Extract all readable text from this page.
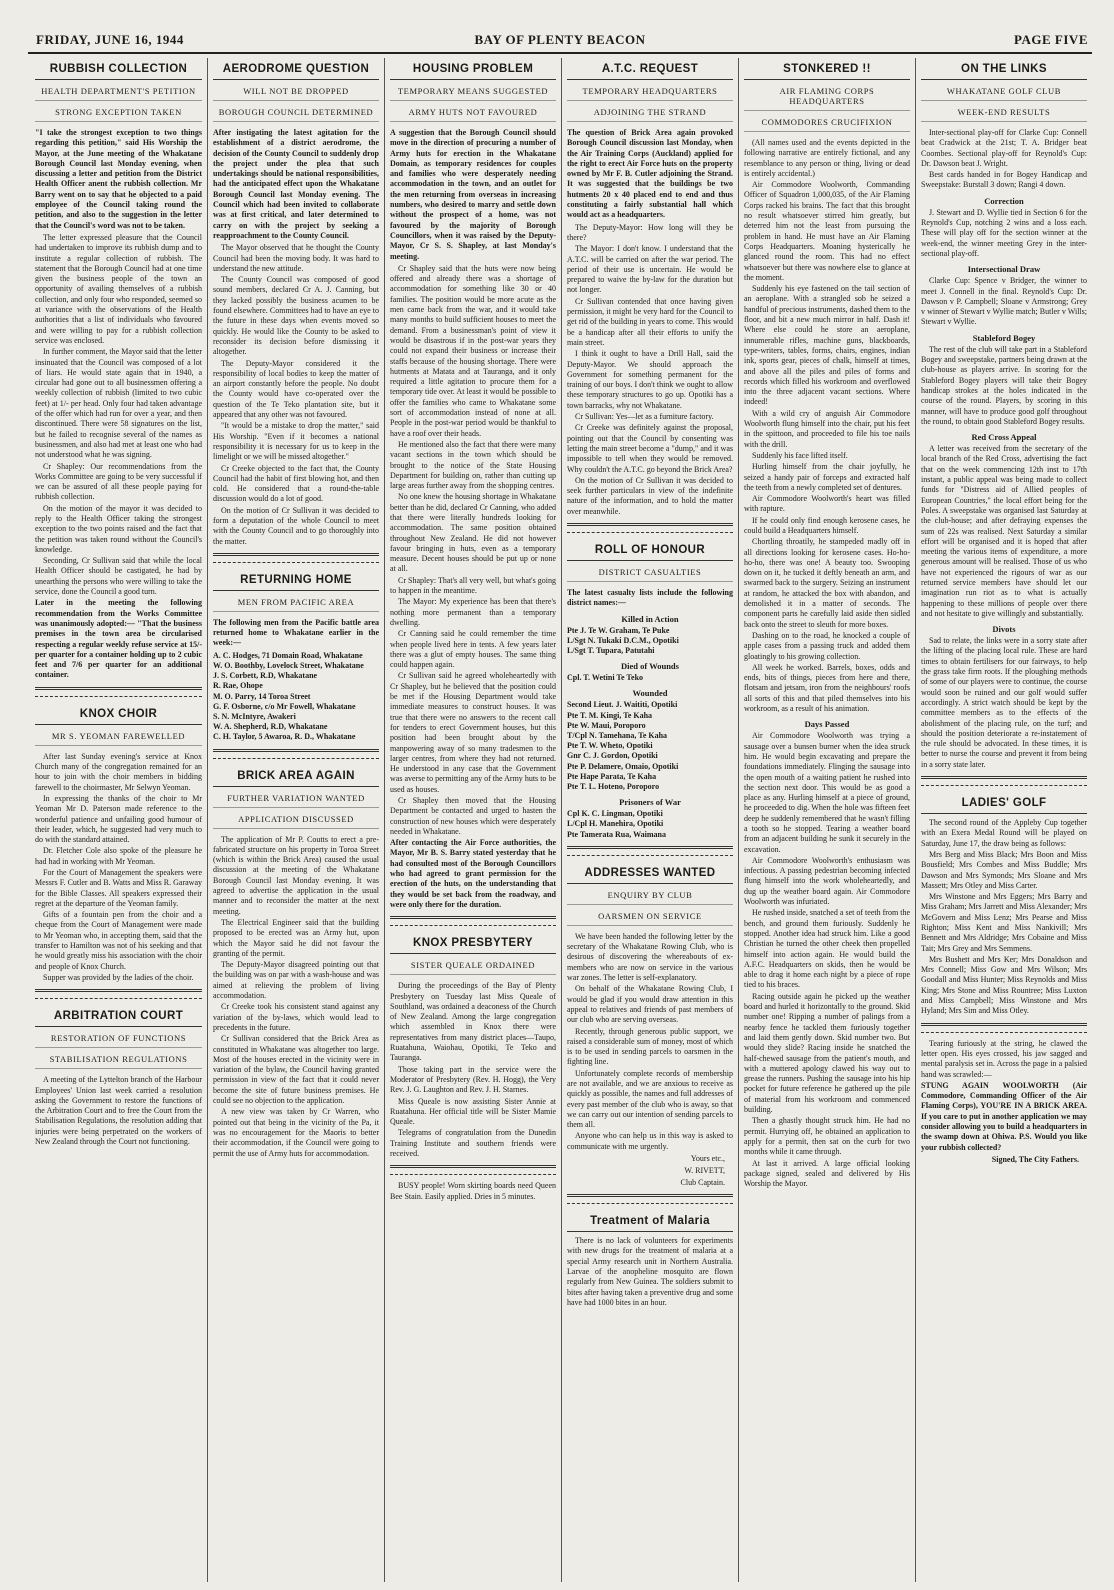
FRIDAY, JUNE 16, 1944	BAY OF PLENTY BEACON	PAGE FIVE
RUBBISH COLLECTION
HEALTH DEPARTMENT'S PETITION
STRONG EXCEPTION TAKEN

"I take the strongest exception to two things regarding this petition," said His Worship the Mayor, at the June meeting of the Whakatane Borough Council last Monday evening, when discussing a letter and petition from the District Health Officer anent the rubbish collection. Mr Barry went on to say that he objected to a paid employee of the Council taking round the petition, and also to the suggestion in the letter that the Council's word was not to be taken.

The letter expressed pleasure that the Council had undertaken to improve its rubbish dump and to institute a regular collection of rubbish. The statement that the Borough Council had at one time given the business people of the town an opportunity of availing themselves of a rubbish collection, and only four who responded, seemed so at variance with the observations of the Health authorities that a list of individuals who favoured and were willing to pay for a rubbish collection service was enclosed.

In further comment, the Mayor said that the letter insinuated that the Council was composed of a lot of liars. He would state again that in 1940, a circular had gone out to all businessmen offering a weekly collection of rubbish (limited to two cubic feet) at 1/- per head. Only four had taken advantage of the offer which had run for over a year, and then discontinued. There were 58 signatures on the list, but he failed to recognise several of the names as businessmen, and also had met at least one who had not understood what he was signing.

Cr Shapley: Our recommendations from the Works Committee are going to be very successful if we can be assured of all these people paying for rubbish collection.

On the motion of the mayor it was decided to reply to the Health Officer taking the strongest exception to the two points raised and the fact that the petition was taken round without the Council's knowledge.

Seconding, Cr Sullivan said that while the local Health Officer should be castigated, he had by unearthing the persons who were willing to take the service, done the Council a good turn.

Later in the meeting the following recommendation from the Works Committee was unanimously adopted:— "That the business premises in the town area be circularised respecting a regular weekly refuse service at 15/- per quarter for a container holding up to 2 cubic feet and 7/6 per quarter for an additional container.

KNOX CHOIR
MR S. YEOMAN FAREWELLED

After last Sunday evening's service at Knox Church many of the congregation remained for an hour to join with the choir members in bidding farewell to the choirmaster, Mr Selwyn Yeoman.

In expressing the thanks of the choir to Mr Yeoman Mr D. Paterson made reference to the wonderful patience and unfailing good humour of their leader, which, he suggested had very much to do with the standard attained.

Dr. Fletcher Cole also spoke of the pleasure he had had in working with Mr Yeoman.

For the Court of Management the speakers were Messrs F. Cutler and B. Watts and Miss R. Garaway for the Bible Classes. All speakers expressed their regret at the departure of the Yeoman family.

Gifts of a fountain pen from the choir and a cheque from the Court of Management were made to Mr Yeoman who, in accepting them, said that the transfer to Hamilton was not of his seeking and that he would greatly miss his association with the choir and people of Knox Church.

Supper was provided by the ladies of the choir.

ARBITRATION COURT
RESTORATION OF FUNCTIONS
STABILISATION REGULATIONS

A meeting of the Lyttelton branch of the Harbour Employees' Union last week carried a resolution asking the Government to restore the functions of the Arbitration Court and to free the Court from the Stabilisation Regulations, the resolution adding that injuries were being perpetrated on the workers of New Zealand through the Court not functioning.

AERODROME QUESTION
WILL NOT BE DROPPED
BOROUGH COUNCIL DETERMINED

After instigating the latest agitation for the establishment of a district aerodrome, the decision of the County Council to suddenly drop the project under the plea that such undertakings should be national responsibilities, had the anticipated effect upon the Whakatane Borough Council last Monday evening. The Council which had been invited to collaborate was at first critical, and later determined to carry on with the project by seeking a reapproachment to the County Council.

The Mayor observed that he thought the County Council had been the moving body. It was hard to understand the new attitude.

The County Council was composed of good sound members, declared Cr A. J. Canning, but they lacked possibly the business acumen to be found elsewhere. Committees had to have an eye to the future in these days when events moved so quickly. He would like the County to be asked to reconsider its decision before dismissing it altogether.

The Deputy-Mayor considered it the responsibility of local bodies to keep the matter of an airport constantly before the people. No doubt the County would have co-operated over the question of the Te Teko plantation site, but it appeared that any other was not favoured.

"It would be a mistake to drop the matter," said His Worship. "Even if it becomes a national responsibility it is necessary for us to keep in the limelight or we will be missed altogether."

Cr Creeke objected to the fact that, the County Council had the habit of first blowing hot, and then cold. He considered that a round-the-table discussion would do a lot of good.

On the motion of Cr Sullivan it was decided to form a deputation of the whole Council to meet with the County Council and to go thoroughly into the matter.

RETURNING HOME
MEN FROM PACIFIC AREA

The following men from the Pacific battle area returned home to Whakatane earlier in the week:—

A. C. Hodges, 71 Domain Road, Whakatane

W. O. Boothby, Lovelock Street, Whakatane

J. S. Corbett, R.D, Whakatane

R. Rae, Ohope

M. O. Parry, 14 Toroa Street

G. F. Osborne, c/o Mr Fowell, Whakatane

S. N. McIntyre, Awakeri

W. A. Shepherd, R.D, Whakatane

C. H. Taylor, 5 Awaroa, R. D., Whakatane

BRICK AREA AGAIN
FURTHER VARIATION WANTED
APPLICATION DISCUSSED

The application of Mr P. Coutts to erect a pre-fabricated structure on his property in Toroa Street (which is within the Brick Area) caused the usual discussion at the meeting of the Whakatane Borough Council last Monday evening. It was agreed to advertise the application in the usual manner and to reconsider the matter at the next meeting.

The Electrical Engineer said that the building proposed to be erected was an Army hut, upon which the Mayor said he did not favour the granting of the permit.

The Deputy-Mayor disagreed pointing out that the building was on par with a wash-house and was aimed at relieving the problem of living accommodation.

Cr Creeke took his consistent stand against any variation of the by-laws, which would lead to precedents in the future.

Cr Sullivan considered that the Brick Area as constituted in Whakatane was altogether too large. Most of the houses erected in the vicinity were in variation of the bylaw, the Council having granted permission in view of the fact that it could never become the site of future business premises. He could see no objection to the application.

A new view was taken by Cr Warren, who pointed out that being in the vicinity of the Pa, it was no encouragement for the Maoris to better their accommodation, if the Council were going to permit the use of Army huts for accommodation.

HOUSING PROBLEM
TEMPORARY MEANS SUGGESTED
ARMY HUTS NOT FAVOURED

A suggestion that the Borough Council should move in the direction of procuring a number of Army huts for erection in the Whakatane Domain, as temporary residences for couples and families who were desperately needing accommodation in the town, and an outlet for the men returning from overseas in increasing numbers, who desired to marry and settle down without the prospect of a home, was not favoured by the majority of Borough Councillors, when it was raised by the Deputy-Mayor, Cr S. S. Shapley, at last Monday's meeting.

Cr Shapley said that the huts were now being offered and already there was a shortage of accommodation for something like 30 or 40 families. The position would be more acute as the men came back from the war, and it would take many months to build sufficient houses to meet the demand. From a businessman's point of view it would be disastrous if in the post-war years they could not expand their business or increase their staffs because of the housing shortage. There were hutments at Matata and at Tauranga, and it only required a little agitation to procure them for a temporary tide over. At least it would be possible to offer the families who came to Whakatane some sort of accommodation instead of none at all. People in the post-war period would be thankful to have a roof over their heads.

He mentioned also the fact that there were many vacant sections in the town which should be brought to the notice of the State Housing Department for building on, rather than cutting up large areas further away from the shopping centres.

No one knew the housing shortage in Whakatane better than he did, declared Cr Canning, who added that there were literally hundreds looking for accommodation. The same position obtained throughout New Zealand. He did not however favour bringing in huts, even as a temporary measure. Decent houses should be put up or none at all.

Cr Shapley: That's all very well, but what's going to happen in the meantime.

The Mayor: My experience has been that there's nothing more permanent than a temporary dwelling.

Cr Canning said he could remember the time when people lived here in tents. A few years later there was a glut of empty houses. The same thing could happen again.

Cr Sullivan said he agreed wholeheartedly with Cr Shapley, but he believed that the position could be met if the Housing Department would take immediate measures to construct houses. It was true that there were no answers to the recent call for tenders to erect Government houses, but this position had been brought about by the manpowering away of so many tradesmen to the larger centres, from where they had not returned. He understood in any case that the Government was averse to permitting any of the Army huts to be used as houses.

Cr Shapley then moved that the Housing Department be contacted and urged to hasten the construction of new houses which were desperately needed in Whakatane.

After contacting the Air Force authorities, the Mayor, Mr B. S. Barry stated yesterday that he had consulted most of the Borough Councillors who had agreed to grant permission for the erection of the huts, on the understanding that they would be set back from the roadway, and were only there for the duration.

KNOX PRESBYTERY
SISTER QUEALE ORDAINED

During the proceedings of the Bay of Plenty Presbytery on Tuesday last Miss Queale of Southland, was ordained a deaconess of the Church of New Zealand. Among the large congregation which assembled in Knox there were representatives from many district places—Taupo, Ruatahuna, Waiohau, Opotiki, Te Teko and Tauranga.

Those taking part in the service were the Moderator of Presbytery (Rev. H. Hogg), the Very Rev. J. G. Laughton and Rev. J. H. Starnes.

Miss Queale is now assisting Sister Annie at Ruatahuna. Her official title will be Sister Mamie Queale.

Telegrams of congratulation from the Dunedin Training Institute and southern friends were received.

BUSY people! Worn skirting boards need Queen Bee Stain. Easily applied. Dries in 5 minutes.

A.T.C. REQUEST
TEMPORARY HEADQUARTERS
ADJOINING THE STRAND

The question of Brick Area again provoked Borough Council discussion last Monday, when the Air Training Corps (Auckland) applied for the right to erect Air Force huts on the property owned by Mr F. B. Cutler adjoining the Strand. It was suggested that the buildings be two hutments 20 x 40 placed end to end and thus constituting a fairly substantial hall which would act as a headquarters.

The Deputy-Mayor: How long will they be there?

The Mayor: I don't know. I understand that the A.T.C. will be carried on after the war period. The period of their use is uncertain. He would be prepared to waive the by-law for the duration but not longer.

Cr Sullivan contended that once having given permission, it might be very hard for the Council to get rid of the building in years to come. This would be a handicap after all their efforts to unify the main street.

I think it ought to have a Drill Hall, said the Deputy-Mayor. We should approach the Government for something permanent for the training of our boys. I don't think we ought to allow these temporary structures to go up. Opotiki has a town barracks, why not Whakatane.

Cr Sullivan: Yes—let as a furniture factory.

Cr Creeke was definitely against the proposal, pointing out that the Council by consenting was letting the main street become a "dump," and it was impossible to tell when they would be removed. Why couldn't the A.T.C. go beyond the Brick Area?

On the motion of Cr Sullivan it was decided to seek further particulars in view of the indefinite nature of the information, and to hold the matter over meanwhile.

ROLL OF HONOUR
DISTRICT CASUALTIES

The latest casualty lists include the following district names:—

Killed in Action

Pte J. Te W. Graham, Te Puke

L/Sgt N. Tukaki D.C.M., Opotiki

L/Sgt T. Tupara, Patutahi

Died of Wounds

Cpl. T. Wetini Te Teko

Wounded

Second Lieut. J. Waititi, Opotiki

Pte T. M. Kingi, Te Kaha

Pte W. Maui, Poroporo

T/Cpl N. Tamehana, Te Kaha

Pte T. W. Wheto, Opotiki

Gnr C. J. Gordon, Opotiki

Pte P. Delamere, Omaio, Opotiki

Pte Hape Parata, Te Kaha

Pte T. L. Hoteno, Poroporo

Prisoners of War

Cpl K. C. Lingman, Opotiki

L/Cpl H. Manehira, Opotiki

Pte Tamerata Rua, Waimana

ADDRESSES WANTED
ENQUIRY BY CLUB
OARSMEN ON SERVICE

We have been handed the following letter by the secretary of the Whakatane Rowing Club, who is desirous of discovering the whereabouts of ex-members who are now on service in the various war zones. The letter is self-explanatory.

On behalf of the Whakatane Rowing Club, I would be glad if you would draw attention in this appeal to relatives and friends of past members of our club who are serving overseas.

Recently, through generous public support, we raised a considerable sum of money, most of which is to be used in sending parcels to oarsmen in the fighting line.

Unfortunately complete records of membership are not available, and we are anxious to receive as quickly as possible, the names and full addresses of every past member of the club who is away, so that we can carry out our intention of sending parcels to them all.

Anyone who can help us in this way is asked to communicate with me urgently.

Yours etc.,

W. RIVETT,

Club Captain.

Treatment of Malaria

There is no lack of volunteers for experiments with new drugs for the treatment of malaria at a special Army research unit in Northern Australia. Larvae of the anopheline mosquito are flown regularly from New Guinea. The soldiers submit to bites after having taken a preventive drug and some have had 1000 bites in an hour.

STONKERED !!
AIR FLAMING CORPS HEADQUARTERS
COMMODORES CRUCIFIXION

(All names used and the events depicted in the following narrative are entirely fictional, and any resemblance to any person or thing, living or dead is entirely accidental.)

Air Commodore Woolworth, Commanding Officer of Squadron 1,000,035, of the Air Flaming Corps racked his brains. The fact that this brought no result whatsoever stirred him greatly, but deterred him not the least from pursuing the problem in hand. He must have an Air Flaming Corps Headquarters. Moaning hysterically he glanced round the room. This had no effect whatsoever but there was nowhere else to glance at the moment.

Suddenly his eye fastened on the tail section of an aeroplane. With a strangled sob he seized a handful of precious instruments, dashed them to the floor, and bit a new much mirror in half. Dash it! Where else could he store an aeroplane, innumerable rifles, machine guns, blackboards, type-writers, tables, forms, chairs, engines, indian ink, sports gear, pieces of chalk, himself at times, and above all the piles and piles of forms and records which filled his workroom and overflowed into the three adjacent vacant sections. Where indeed!

With a wild cry of anguish Air Commodore Woolworth flung himself into the chair, put his feet in the spittoon, and proceeded to file his toe nails with the drill.

Suddenly his face lifted itself.

Hurling himself from the chair joyfully, he seized a handy pair of forceps and extracted half the teeth from a newly completed set of dentures.

Air Commodore Woolworth's heart was filled with rapture.

If he could only find enough kerosene cases, he could build a Headquarters himself.

Chortling throatily, he stampeded madly off in all directions looking for kerosene cases. Ho-ho-ho-ho, there was one! A beauty too. Swooping down on it, he tucked it deftly beneath an arm, and swarmed back to the surgery. Seizing an instrument at random, he attacked the box with abandon, and demolished it in a matter of seconds. The component parts he carefully laid aside then sidled back onto the street to sleuth for more boxes.

Dashing on to the road, he knocked a couple of apple cases from a passing truck and added them gloatingly to his growing collection.

All week he worked. Barrels, boxes, odds and ends, bits of things, pieces from here and there, flotsam and jetsam, iron from the neighbours' roofs all sorts of this and that piled themselves into his workroom, as a result of his animation.

Days Passed

Air Commodore Woolworth was trying a sausage over a bunsen burner when the idea struck him. He would begin excavating and prepare the foundations immediately. Flinging the sausage into the open mouth of a waiting patient he rushed into the section next door. This would be as good a place as any. Hurling himself at a piece of ground, he proceeded to dig. When the hole was fifteen feet deep he suddenly remembered that he wasn't filling a tooth so he stopped. Tearing a weather board from an adjacent building he sunk it securely in the excavation.

Air Commodore Woolworth's enthusiasm was infectious. A passing pedestrian becoming infected flung himself into the work wholeheartedly, and dug up the weather board again. Air Commodore Woolworth was infuriated.

He rushed inside, snatched a set of teeth from the bench, and ground them furiously. Suddenly he stopped. Another idea had struck him. Like a good Christian he turned the other cheek then propelled himself into action again. He would build the A.F.C. Headquarters on skids, then he would be able to drag it home each night by a piece of rope tied to his braces.

Racing outside again he picked up the weather board and hurled it horizontally to the ground. Skid number one! Ripping a number of palings from a nearby fence he tackled them furiously together and laid them gently down. Skid number two. But would they slide? Racing inside he snatched the half-chewed sausage from the patient's mouth, and with a muttered apology clawed his way out to grease the runners. Pushing the sausage into his hip pocket for future reference he gathered up the pile of material from his workroom and commenced building.

Then a ghastly thought struck him. He had no permit. Hurrying off, he obtained an application to apply for a permit, then sat on the curb for two months while it came through.

At last it arrived. A large official looking package signed, sealed and delivered by His Worship the Mayor.

ON THE LINKS
WHAKATANE GOLF CLUB
WEEK-END RESULTS

Inter-sectional play-off for Clarke Cup: Connell beat Cradwick at the 21st; T. A. Bridger beat Coombes. Sectional play-off for Reynold's Cup: Dr. Dawson beat J. Wright.

Best cards handed in for Bogey Handicap and Sweepstake: Burstall 3 down; Rangi 4 down.

Correction

J. Stewart and D. Wyllie tied in Section 6 for the Reynold's Cup, notching 2 wins and a loss each. These will play off for the section winner at the week-end, the winner meeting Grey in the inter-sectional play-off.

Intersectional Draw

Clarke Cup: Spence v Bridger, the winner to meet J. Connell in the final. Reynold's Cup: Dr. Dawson v P. Campbell; Sloane v Armstrong; Grey v winner of Stewart v Wyllie match; Butler v Wills; Stewart v Wyllie.

Stableford Bogey

The rest of the club will take part in a Stableford Bogey and sweepstake, partners being drawn at the club-house as players arrive. In scoring for the Stableford Bogey players will take their Bogey handicap strokes at the holes indicated in the course of the round. Players, by scoring in this manner, will have to produce good golf throughout the round, to obtain good Stableford Bogey results.

Red Cross Appeal

A letter was received from the secretary of the local branch of the Red Cross, advertising the fact that on the week commencing 12th inst to 17th instant, a public appeal was being made to collect funds for "Distress aid of Allied peoples of European Countries," the local effort being for the Poles. A sweepstake was organised last Saturday at the club-house; and after defraying expenses the sum of 22s was realised. Next Saturday a similar effort will be organised and it is hoped that after meeting the various items of expenditure, a more generous amount will be realised. Those of us who have not experienced the rigours of war as our returned service members have should let our imagination run riot as to what is actually happening to these millions of people over there and not hesitate to give willingly and substantially.

Divots

Sad to relate, the links were in a sorry state after the lifting of the placing local rule. These are hard times to obtain fertilisers for our fairways, to help the grass take firm roots. If the ploughing methods of some of our players were to continue, the course would soon be ruined and our golf would suffer accordingly. A strict watch should be kept by the committee members as to the effects of the abolishment of the placing rule, on the turf; and should the position deteriorate a re-instatement of the rule should be advocated. In these times, it is better to nurse the course and prevent it from being in a sorry state later.

LADIES' GOLF

The second round of the Appleby Cup together with an Exera Medal Round will be played on Saturday, June 17, the draw being as follows:

Mrs Berg and Miss Black; Mrs Boon and Miss Bousfield; Mrs Combes and Miss Buddle; Mrs Dawson and Mrs Symonds; Mrs Sloane and Mrs Massett; Mrs Otley and Miss Carter.

Mrs Winstone and Mrs Eggers; Mrs Barry and Miss Graham; Mrs Jarrett and Miss Alexander; Mrs McGovern and Miss Lenz; Mrs Pearse and Miss Righton; Miss Kent and Miss Nankivill; Mrs Bennett and Mrs Aldridge; Mrs Cobaine and Miss Tait; Mrs Grey and Mrs Semmens.

Mrs Bushett and Mrs Ker; Mrs Donaldson and Mrs Connell; Miss Gow and Mrs Wilson; Mrs Goodall and Miss Hunter; Miss Reynolds and Miss King; Mrs Stone and Miss Rountree; Miss Luxton and Miss Campbell; Miss Winstone and Mrs Hyland; Mrs Sim and Miss Otley.

Tearing furiously at the string, he clawed the letter open. His eyes crossed, his jaw sagged and mental paralysis set in. Across the page in a palsied hand was scrawled:—

STUNG AGAIN WOOLWORTH (Air Commodore, Commanding Officer of the Air Flaming Corps), YOU'RE IN A BRICK AREA. If you care to put in another application we may consider allowing you to build a headquarters in the swamp down at Ohiwa. P.S. Would you like your rubbish collected?

Signed, The City Fathers.
